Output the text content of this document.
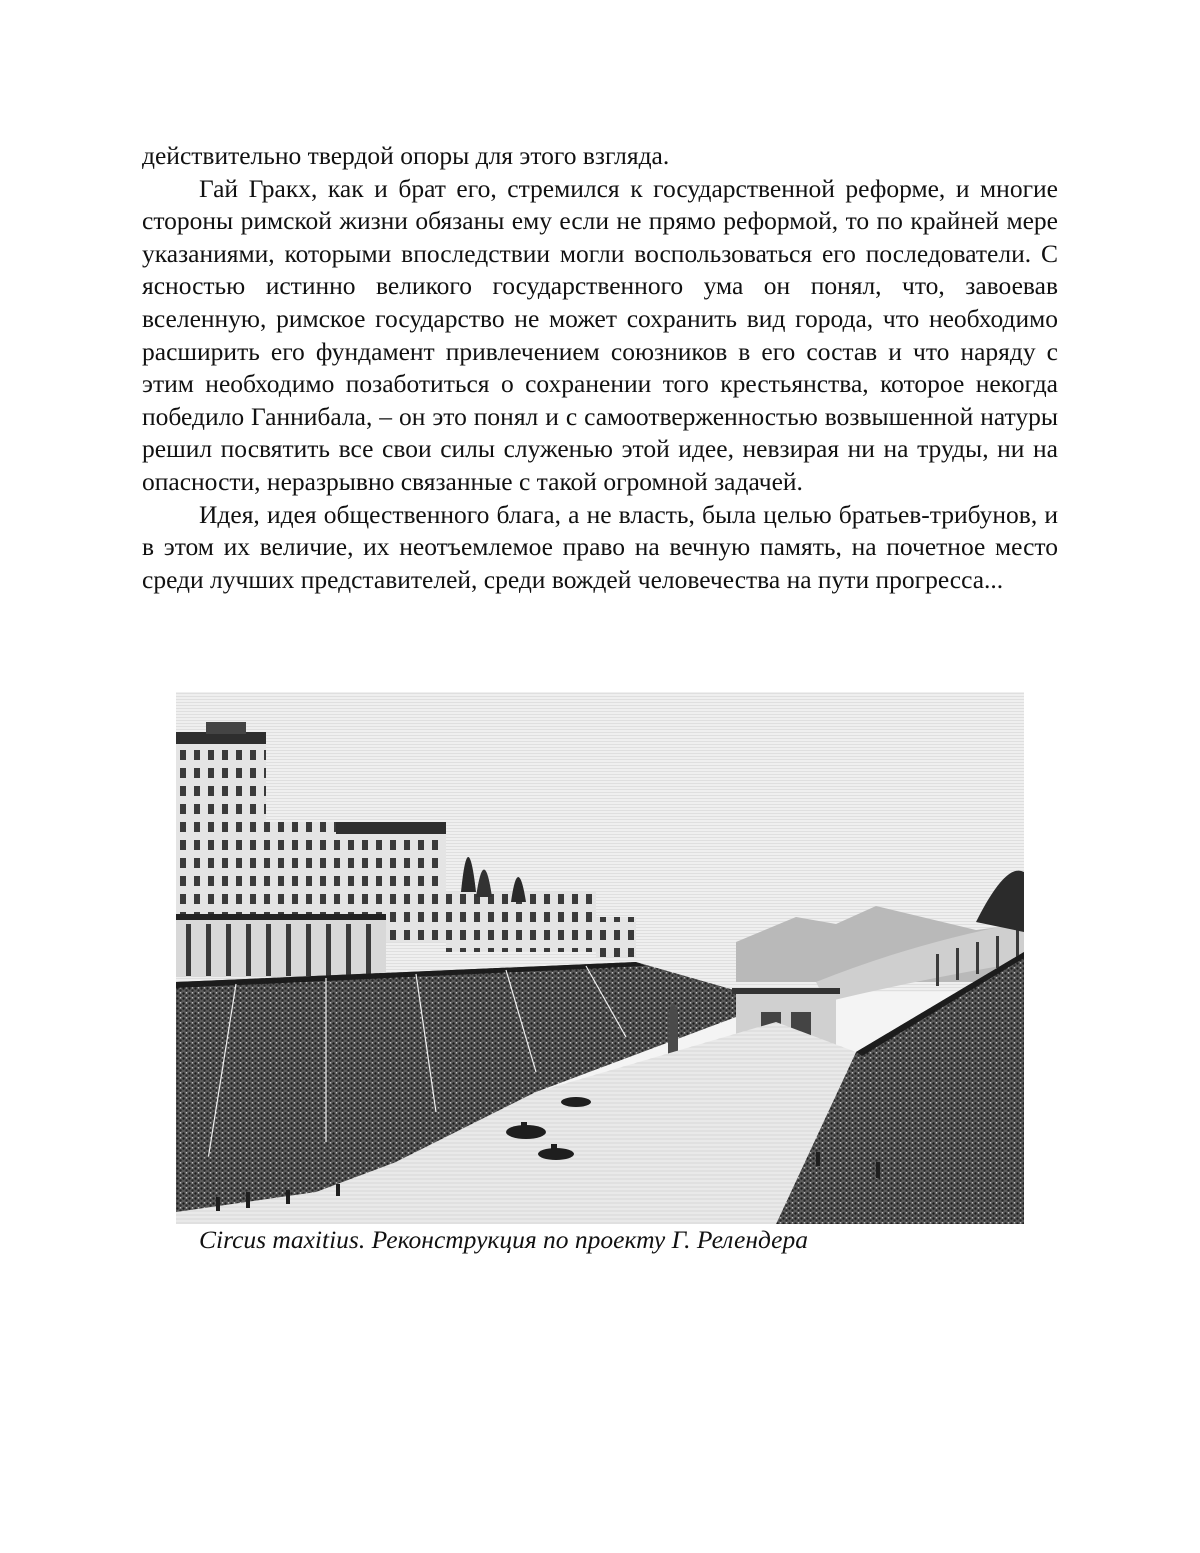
действительно твердой опоры для этого взгляда.

Гай Гракх, как и брат его, стремился к государственной реформе, и многие стороны римской жизни обязаны ему если не прямо реформой, то по крайней мере указаниями, которыми впоследствии могли воспользоваться его последователи. С ясностью истинно великого государственного ума он понял, что, завоевав вселенную, римское государство не может сохранить вид города, что необходимо расширить его фундамент привлечением союзников в его состав и что наряду с этим необходимо позаботиться о сохранении того крестьянства, которое некогда победило Ганнибала, – он это понял и с самоотверженностью возвышенной натуры решил посвятить все свои силы служенью этой идее, невзирая ни на труды, ни на опасности, неразрывно связанные с такой огромной задачей.

Идея, идея общественного блага, а не власть, была целью братьев-трибунов, и в этом их величие, их неотъемлемое право на вечную память, на почетное место среди лучших представителей, среди вождей человечества на пути прогресса...

Circus maxitius. Реконструкция по проекту Г. Релендера
